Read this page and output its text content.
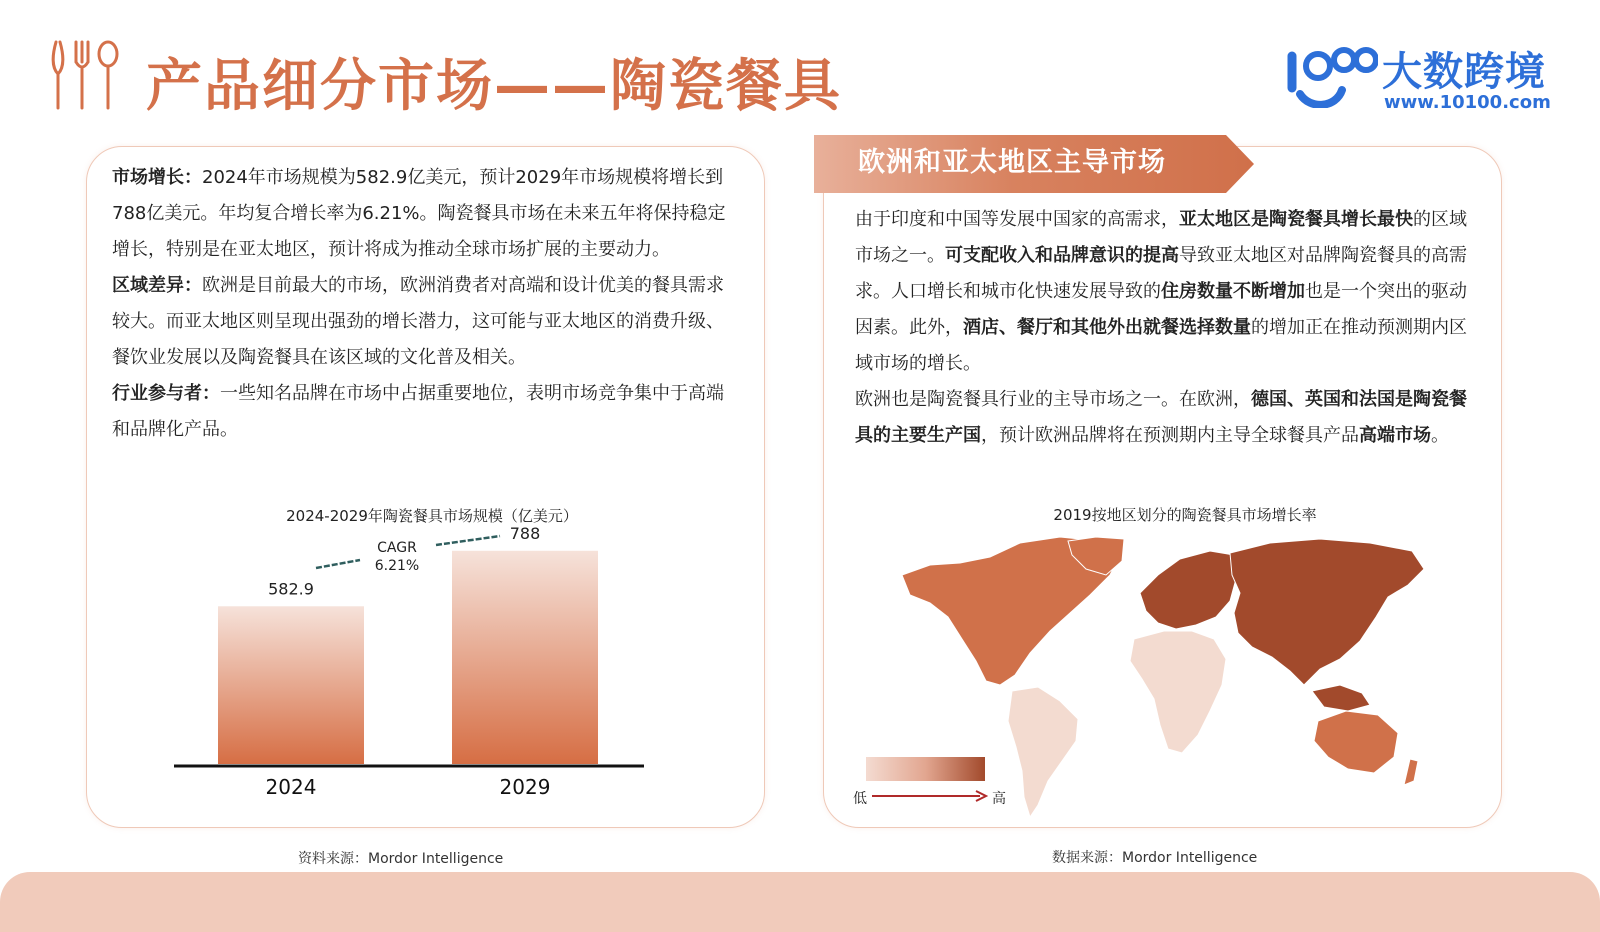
产品细分市场——陶瓷餐具	大数跨境
www.10100.com

市场增长：2024年市场规模为582.9亿美元，预计2029年市场规模将增长到788亿美元。年均复合增长率为6.21%。陶瓷餐具市场在未来五年将保持稳定增长，特别是在亚太地区，预计将成为推动全球市场扩展的主要动力。

区域差异：欧洲是目前最大的市场，欧洲消费者对高端和设计优美的餐具需求较大。而亚太地区则呈现出强劲的增长潜力，这可能与亚太地区的消费升级、餐饮业发展以及陶瓷餐具在该区域的文化普及相关。

行业参与者：一些知名品牌在市场中占据重要地位，表明市场竞争集中于高端和品牌化产品。

2024-2029年陶瓷餐具市场规模（亿美元）
CAGR
6.21%
582.9
2024
788
2029
资料来源：Mordor Intelligence
欧洲和亚太地区主导市场

由于印度和中国等发展中国家的高需求，亚太地区是陶瓷餐具增长最快的区域市场之一。可支配收入和品牌意识的提高导致亚太地区对品牌陶瓷餐具的高需求。人口增长和城市化快速发展导致的住房数量不断增加也是一个突出的驱动因素。此外，酒店、餐厅和其他外出就餐选择数量的增加正在推动预测期内区域市场的增长。

欧洲也是陶瓷餐具行业的主导市场之一。在欧洲，德国、英国和法国是陶瓷餐具的主要生产国，预计欧洲品牌将在预测期内主导全球餐具产品高端市场。

2019按地区划分的陶瓷餐具市场增长率
低	高
数据来源：Mordor Intelligence
